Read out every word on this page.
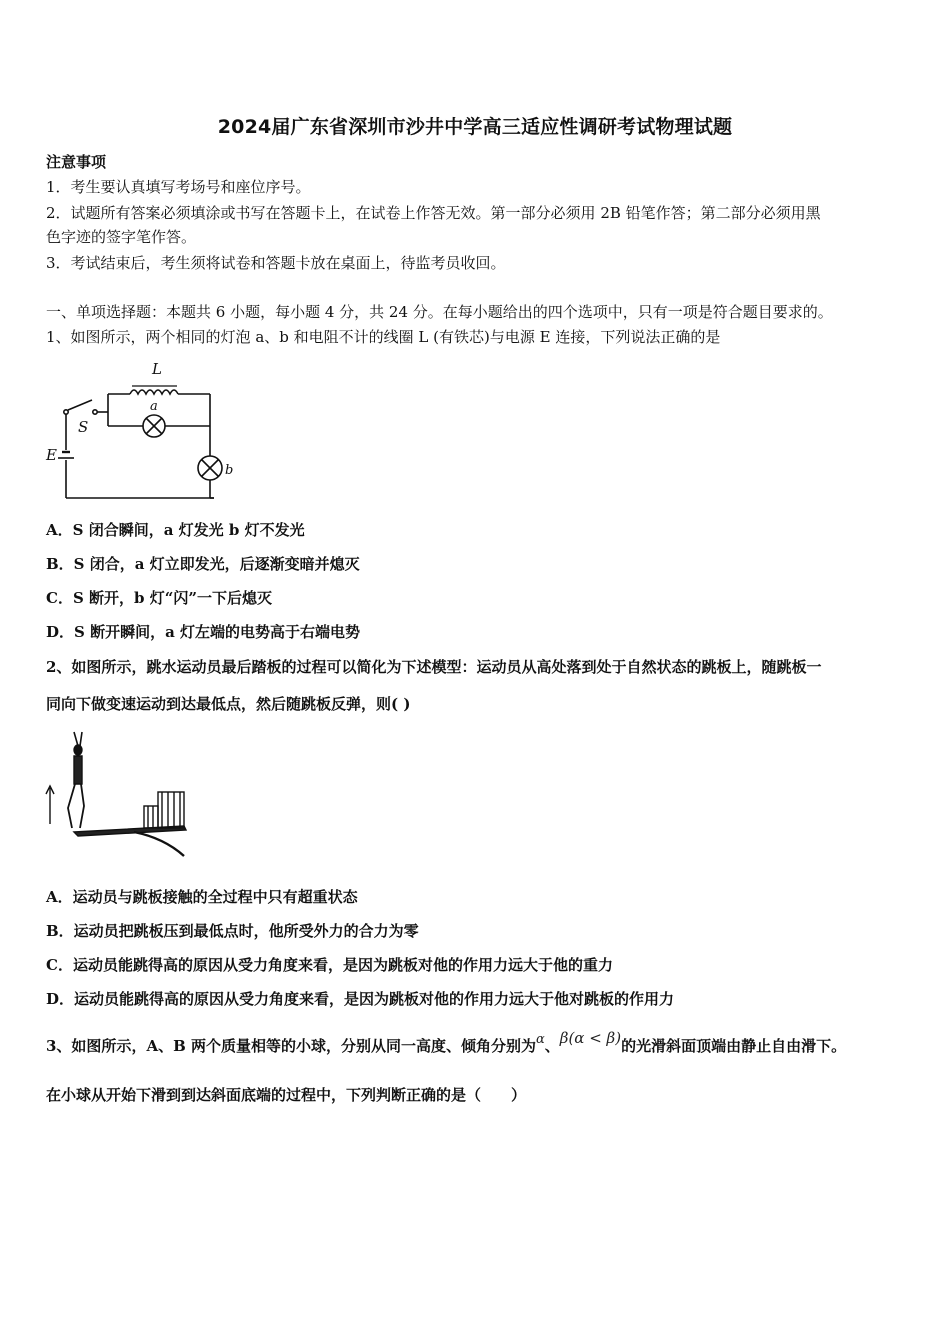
2024届广东省深圳市沙井中学高三适应性调研考试物理试题
注意事项
1．考生要认真填写考场号和座位序号。
2．试题所有答案必须填涂或书写在答题卡上，在试卷上作答无效。第一部分必须用 2B 铅笔作答；第二部分必须用黑
色字迹的签字笔作答。
3．考试结束后，考生须将试卷和答题卡放在桌面上，待监考员收回。
一、单项选择题：本题共 6 小题，每小题 4 分，共 24 分。在每小题给出的四个选项中，只有一项是符合题目要求的。
1、如图所示，两个相同的灯泡 a、b 和电阻不计的线圈 L (有铁芯)与电源 E 连接，下列说法正确的是
L
S
a
E
b
A．S 闭合瞬间，a 灯发光 b 灯不发光
B．S 闭合，a 灯立即发光，后逐渐变暗并熄灭
C．S 断开，b 灯“闪”一下后熄灭
D．S 断开瞬间，a 灯左端的电势高于右端电势
2、如图所示，跳水运动员最后踏板的过程可以简化为下述模型：运动员从高处落到处于自然状态的跳板上，随跳板一
同向下做变速运动到达最低点，然后随跳板反弹，则( )
A．运动员与跳板接触的全过程中只有超重状态
B．运动员把跳板压到最低点时，他所受外力的合力为零
C．运动员能跳得高的原因从受力角度来看，是因为跳板对他的作用力远大于他的重力
D．运动员能跳得高的原因从受力角度来看，是因为跳板对他的作用力远大于他对跳板的作用力
3、如图所示，A、B 两个质量相等的小球，分别从同一高度、倾角分别为α、β(α < β)的光滑斜面顶端由静止自由滑下。
在小球从开始下滑到到达斜面底端的过程中，下列判断正确的是（　　）
